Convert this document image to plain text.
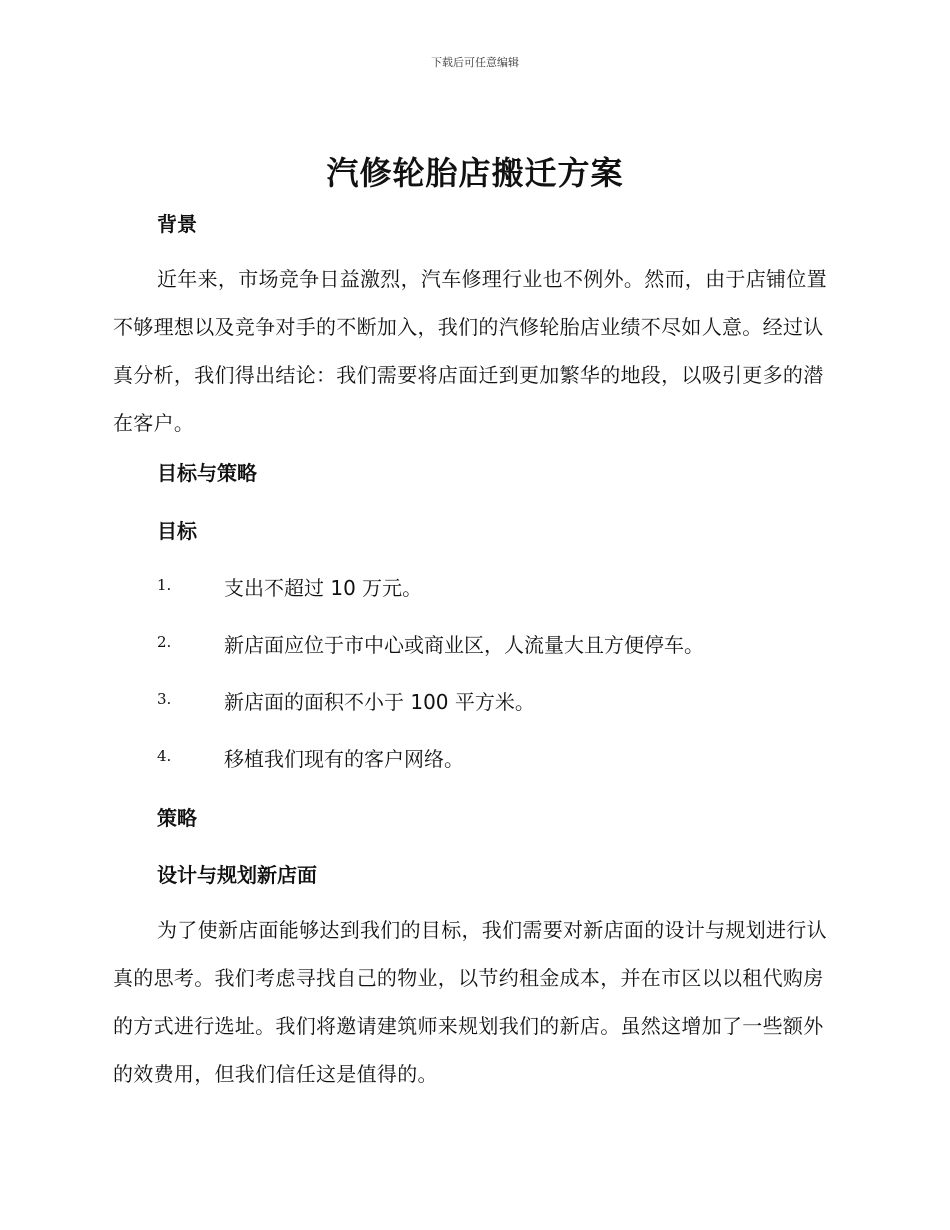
下载后可任意编辑
汽修轮胎店搬迁方案
背景
近年来，市场竞争日益激烈，汽车修理行业也不例外。然而，由于店铺位置不够理想以及竞争对手的不断加入，我们的汽修轮胎店业绩不尽如人意。经过认真分析，我们得出结论：我们需要将店面迁到更加繁华的地段，以吸引更多的潜在客户。
目标与策略
目标
1.	支出不超过 10 万元。
2.	新店面应位于市中心或商业区，人流量大且方便停车。
3.	新店面的面积不小于 100 平方米。
4.	移植我们现有的客户网络。
策略
设计与规划新店面
为了使新店面能够达到我们的目标，我们需要对新店面的设计与规划进行认真的思考。我们考虑寻找自己的物业，以节约租金成本，并在市区以以租代购房的方式进行选址。我们将邀请建筑师来规划我们的新店。虽然这增加了一些额外的效费用，但我们信任这是值得的。
